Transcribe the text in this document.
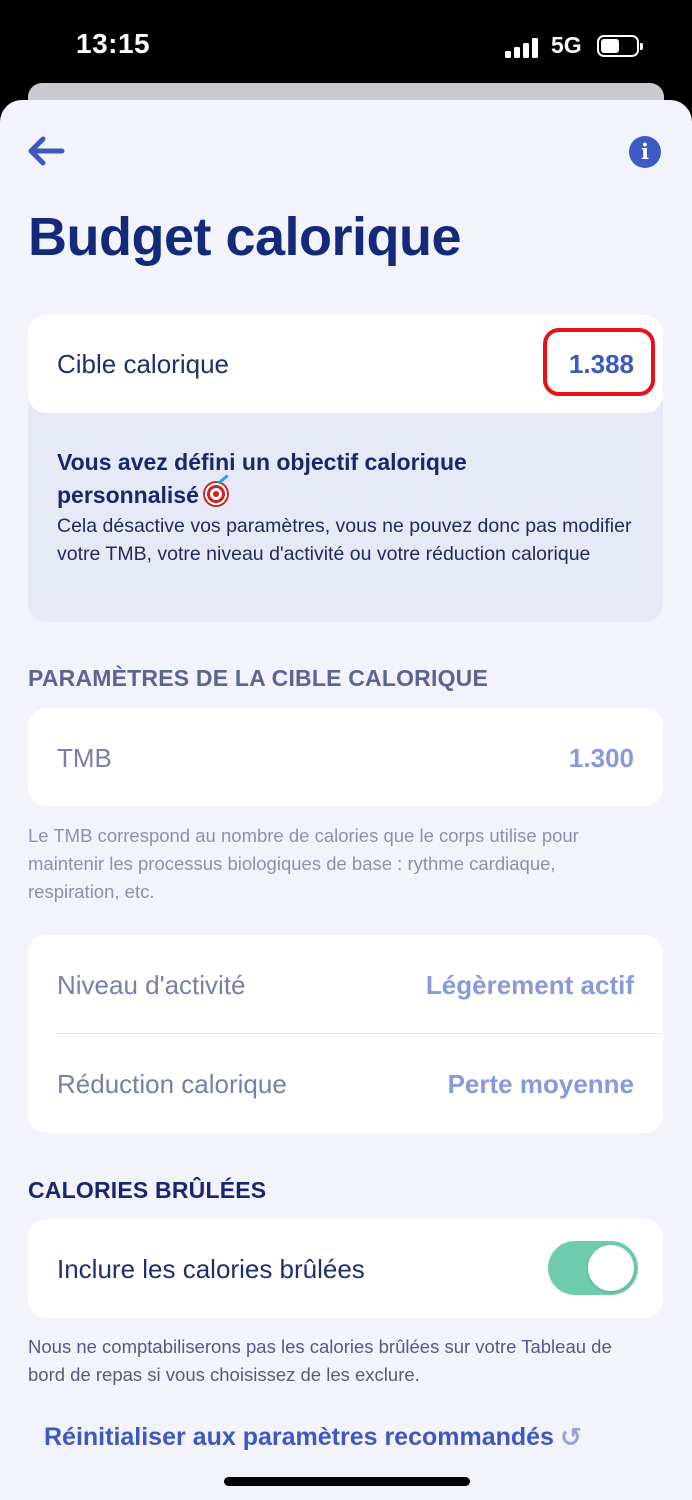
13:15	5G
i
Budget calorique
Cible calorique	1.388
Vous avez défini un objectif calorique personnalisé
Cela désactive vos paramètres, vous ne pouvez donc pas modifier votre TMB, votre niveau d'activité ou votre réduction calorique
PARAMÈTRES DE LA CIBLE CALORIQUE
TMB	1.300
Le TMB correspond au nombre de calories que le corps utilise pour maintenir les processus biologiques de base : rythme cardiaque, respiration, etc.
Niveau d'activité	Légèrement actif
Réduction calorique	Perte moyenne
CALORIES BRÛLÉES
Inclure les calories brûlées
Nous ne comptabiliserons pas les calories brûlées sur votre Tableau de bord de repas si vous choisissez de les exclure.
Réinitialiser aux paramètres recommandés ↺
